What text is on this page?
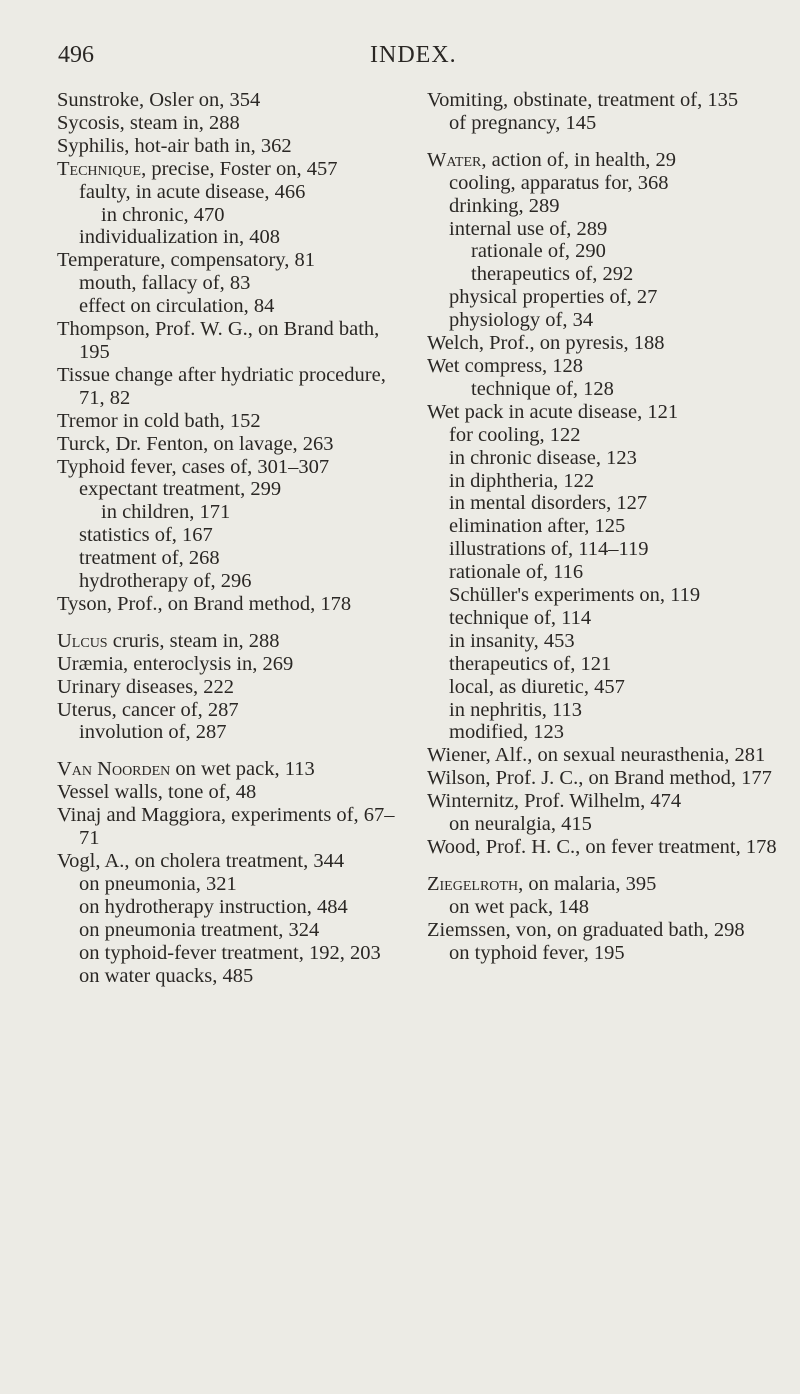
496	INDEX.
Sunstroke, Osler on, 354
Sycosis, steam in, 288
Syphilis, hot-air bath in, 362
Technique, precise, Foster on, 457
faulty, in acute disease, 466
in chronic, 470
individualization in, 408
Temperature, compensatory, 81
mouth, fallacy of, 83
effect on circulation, 84
Thompson, Prof. W. G., on Brand bath, 195
Tissue change after hydriatic procedure, 71, 82
Tremor in cold bath, 152
Turck, Dr. Fenton, on lavage, 263
Typhoid fever, cases of, 301–307
expectant treatment, 299
in children, 171
statistics of, 167
treatment of, 268
hydrotherapy of, 296
Tyson, Prof., on Brand method, 178
Ulcus cruris, steam in, 288
Uræmia, enteroclysis in, 269
Urinary diseases, 222
Uterus, cancer of, 287
involution of, 287
Van Noorden on wet pack, 113
Vessel walls, tone of, 48
Vinaj and Maggiora, experiments of, 67–71
Vogl, A., on cholera treatment, 344
on pneumonia, 321
on hydrotherapy instruction, 484
on pneumonia treatment, 324
on typhoid-fever treatment, 192, 203
on water quacks, 485
Vomiting, obstinate, treatment of, 135
of pregnancy, 145
Water, action of, in health, 29
cooling, apparatus for, 368
drinking, 289
internal use of, 289
rationale of, 290
therapeutics of, 292
physical properties of, 27
physiology of, 34
Welch, Prof., on pyresis, 188
Wet compress, 128
technique of, 128
Wet pack in acute disease, 121
for cooling, 122
in chronic disease, 123
in diphtheria, 122
in mental disorders, 127
elimination after, 125
illustrations of, 114–119
rationale of, 116
Schüller's experiments on, 119
technique of, 114
in insanity, 453
therapeutics of, 121
local, as diuretic, 457
in nephritis, 113
modified, 123
Wiener, Alf., on sexual neurasthenia, 281
Wilson, Prof. J. C., on Brand method, 177
Winternitz, Prof. Wilhelm, 474
on neuralgia, 415
Wood, Prof. H. C., on fever treatment, 178
Ziegelroth, on malaria, 395
on wet pack, 148
Ziemssen, von, on graduated bath, 298
on typhoid fever, 195
